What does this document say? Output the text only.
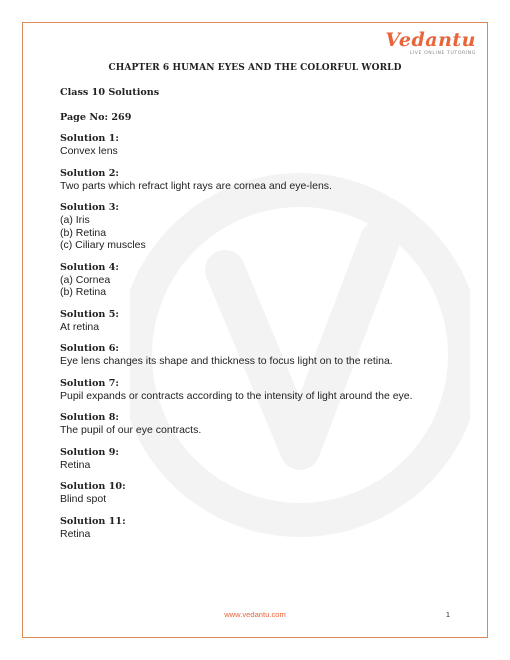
Vedantu
LIVE ONLINE TUTORING
CHAPTER 6 HUMAN EYES AND THE COLORFUL WORLD
Class 10 Solutions
Page No: 269
Solution 1:
Convex lens
Solution 2:
Two parts which refract light rays are cornea and eye-lens.
Solution 3:
(a) Iris
(b) Retina
(c) Ciliary muscles
Solution 4:
(a) Cornea
(b) Retina
Solution 5:
At retina
Solution 6:
Eye lens changes its shape and thickness to focus light on to the retina.
Solution 7:
Pupil expands or contracts according to the intensity of light around the eye.
Solution 8:
The pupil of our eye contracts.
Solution 9:
Retina
Solution 10:
Blind spot
Solution 11:
Retina
www.vedantu.com	1
